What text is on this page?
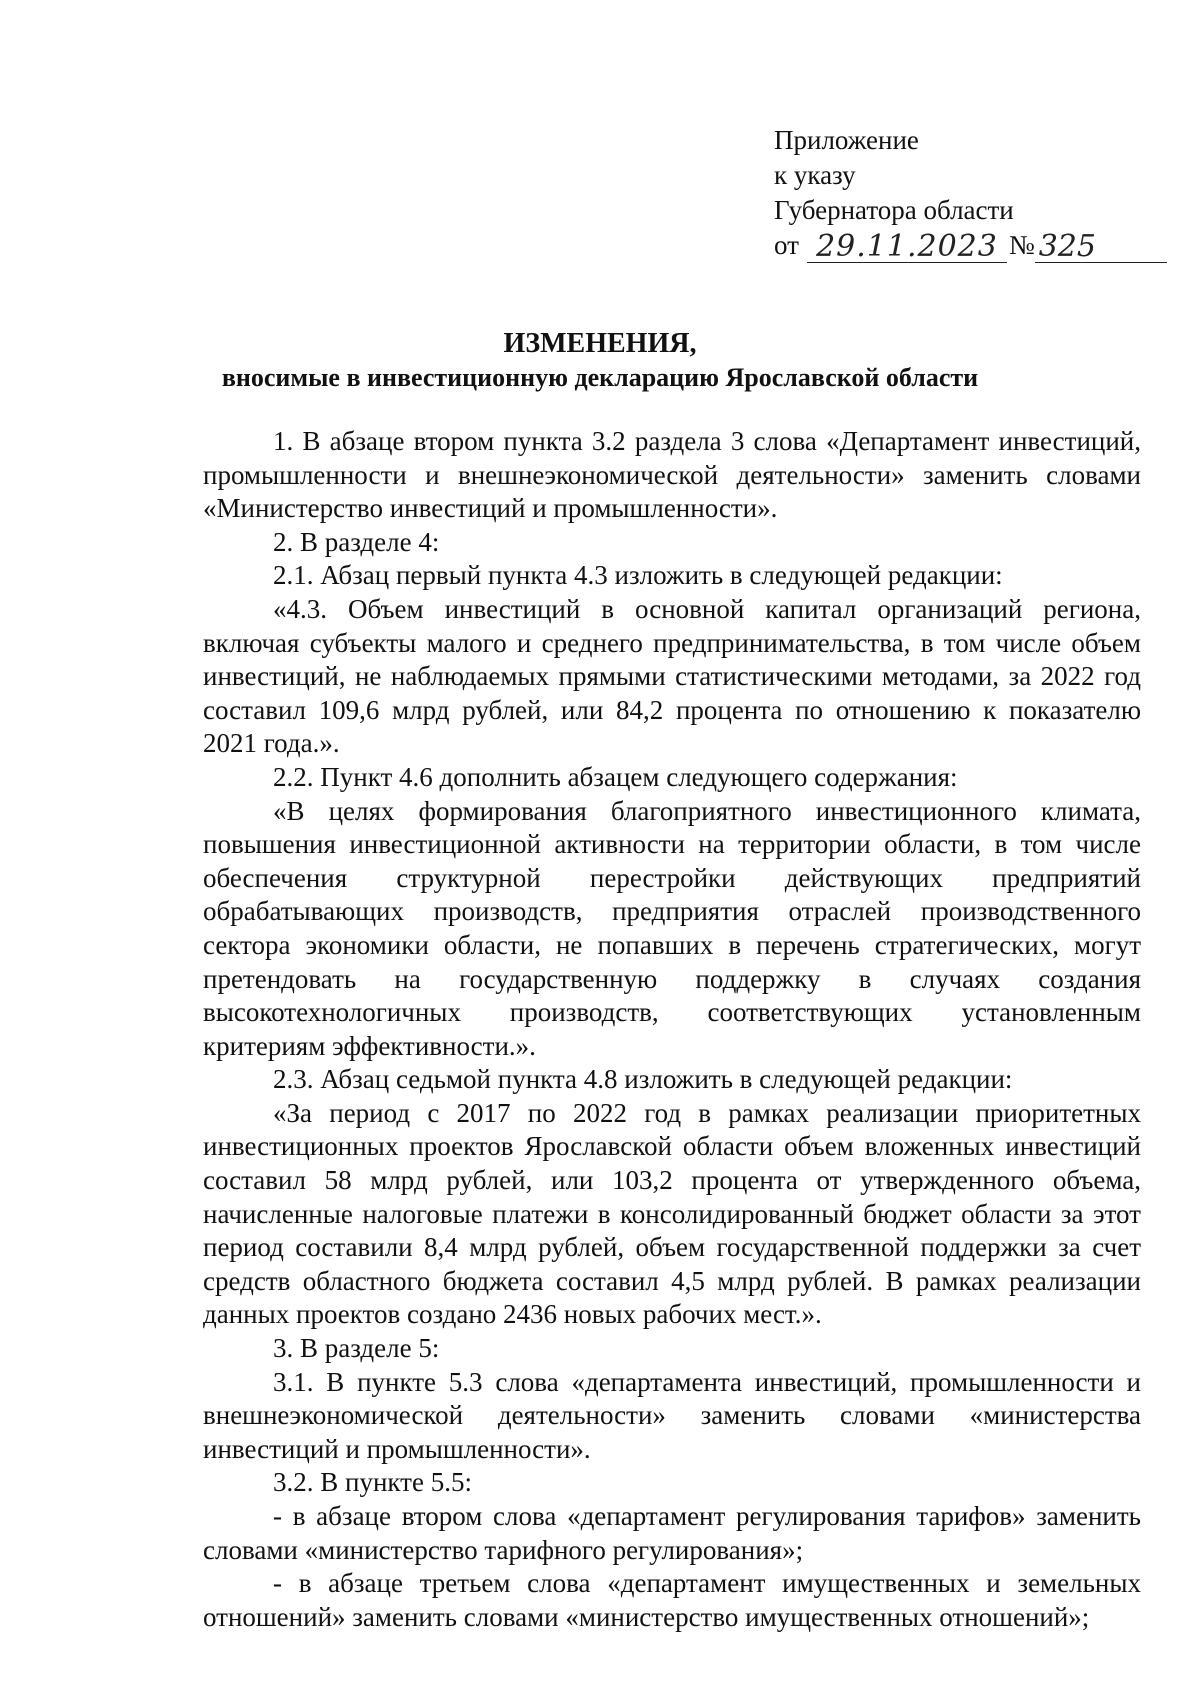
Приложение
к указу
Губернатора области
от 29.11.2023 № 325
ИЗМЕНЕНИЯ,
вносимые в инвестиционную декларацию Ярославской области

1. В абзаце втором пункта 3.2 раздела 3 слова «Департамент инвестиций, промышленности и внешнеэкономической деятельности» заменить словами «Министерство инвестиций и промышленности».

2. В разделе 4:

2.1. Абзац первый пункта 4.3 изложить в следующей редакции:

«4.3. Объем инвестиций в основной капитал организаций региона, включая субъекты малого и среднего предпринимательства, в том числе объем инвестиций, не наблюдаемых прямыми статистическими методами, за 2022 год составил 109,6 млрд рублей, или 84,2 процента по отношению к показателю 2021 года.».

2.2. Пункт 4.6 дополнить абзацем следующего содержания:

«В целях формирования благоприятного инвестиционного климата, повышения инвестиционной активности на территории области, в том числе обеспечения структурной перестройки действующих предприятий обрабатывающих производств, предприятия отраслей производственного сектора экономики области, не попавших в перечень стратегических, могут претендовать на государственную поддержку в случаях создания высокотехнологичных производств, соответствующих установленным критериям эффективности.».

2.3. Абзац седьмой пункта 4.8 изложить в следующей редакции:

«За период с 2017 по 2022 год в рамках реализации приоритетных инвестиционных проектов Ярославской области объем вложенных инвестиций составил 58 млрд рублей, или 103,2 процента от утвержденного объема, начисленные налоговые платежи в консолидированный бюджет области за этот период составили 8,4 млрд рублей, объем государственной поддержки за счет средств областного бюджета составил 4,5 млрд рублей. В рамках реализации данных проектов создано 2436 новых рабочих мест.».

3. В разделе 5:

3.1. В пункте 5.3 слова «департамента инвестиций, промышленности и внешнеэкономической деятельности» заменить словами «министерства инвестиций и промышленности».

3.2. В пункте 5.5:

- в абзаце втором слова «департамент регулирования тарифов» заменить словами «министерство тарифного регулирования»;

- в абзаце третьем слова «департамент имущественных и земельных отношений» заменить словами «министерство имущественных отношений»;
